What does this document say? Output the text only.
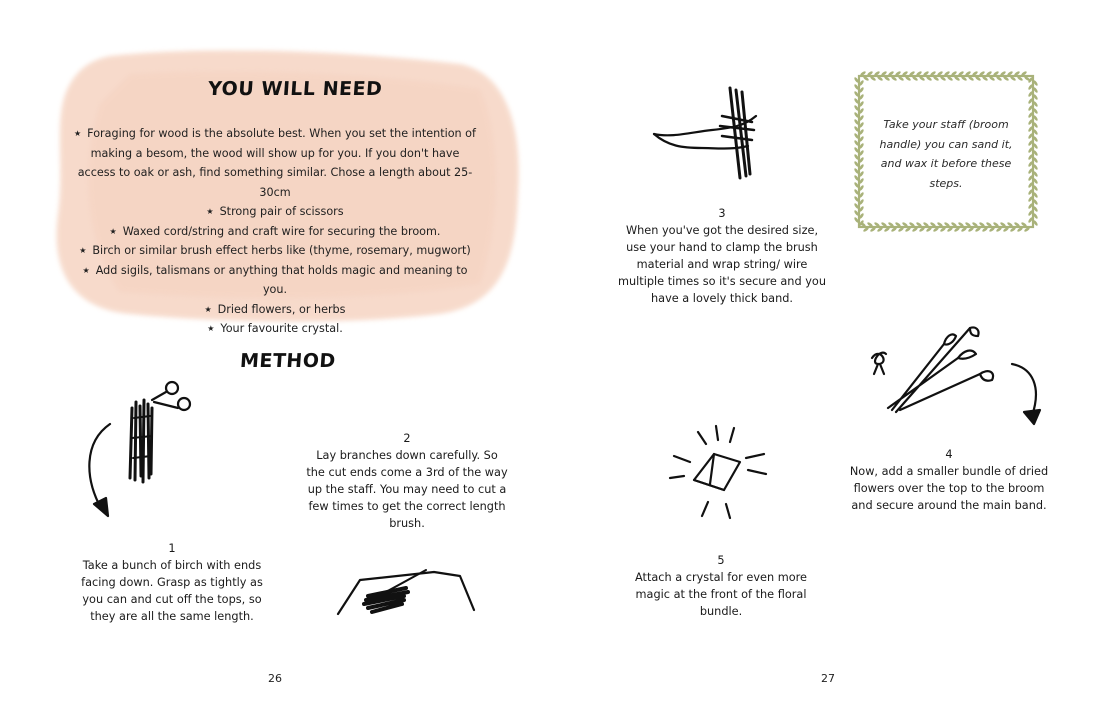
YOU WILL NEED
★ Foraging for wood is the absolute best. When you set the intention of making a besom, the wood will show up for you. If you don't have access to oak or ash, find something similar. Chose a length about 25-30cm
★ Strong pair of scissors
★ Waxed cord/string and craft wire for securing the broom.
★ Birch or similar brush effect herbs like (thyme, rosemary, mugwort)
★ Add sigils, talismans or anything that holds magic and meaning to you.
★ Dried flowers, or herbs
★ Your favourite crystal.
METHOD
1
Take a bunch of birch with ends facing down. Grasp as tightly as you can and cut off the tops, so they are all the same length.
2
Lay branches down carefully. So the cut ends come a 3rd of the way up the staff. You may need to cut a few times to get the correct length brush.
26
3
When you've got the desired size, use your hand to clamp the brush material and wrap string/ wire multiple times so it's secure and you have a lovely thick band.
Take your staff (broom handle) you can sand it, and wax it before these steps.
4
Now, add a smaller bundle of dried flowers over the top to the broom and secure around the main band.
5
Attach a crystal for even more magic at the front of the floral bundle.
27
